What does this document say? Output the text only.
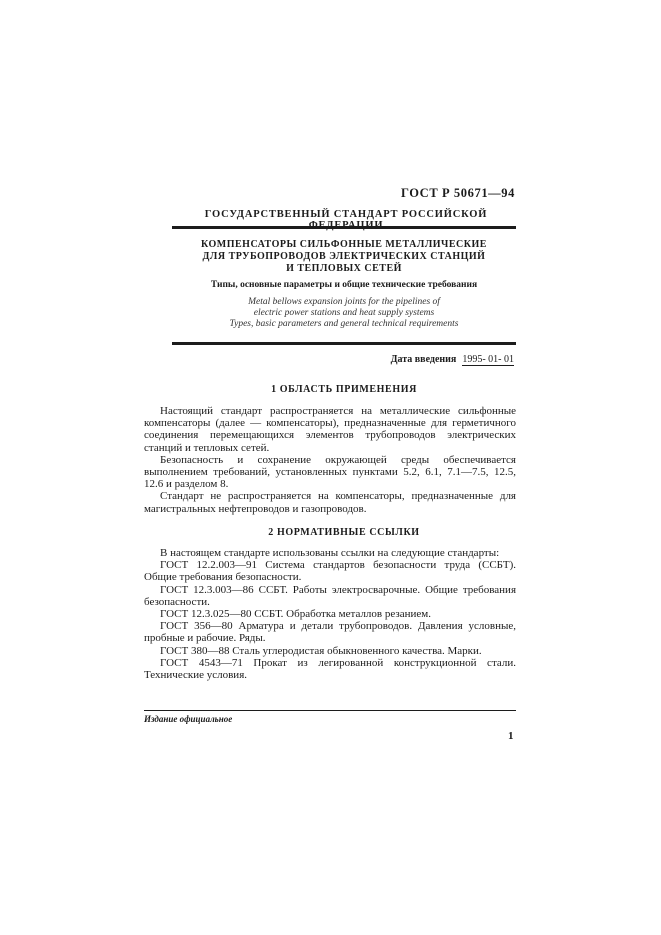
ГОСТ Р 50671—94
ГОСУДАРСТВЕННЫЙ СТАНДАРТ РОССИЙСКОЙ
КОМПЕНСАТОРЫ СИЛЬФОННЫЕ МЕТАЛЛИЧЕСКИЕ
ДЛЯ ТРУБОПРОВОДОВ ЭЛЕКТРИЧЕСКИХ СТАНЦИЙ
И ТЕПЛОВЫХ СЕТЕЙ
Типы, основные параметры и общие технические требования
Metal bellows expansion joints for the pipelines of
electric power stations and heat supply systems
Types, basic parameters and general technical requirements
Дата введения 1995- 01- 01
1 ОБЛАСТЬ ПРИМЕНЕНИЯ

Настоящий стандарт распространяется на металлические сильфонные компенсаторы (далее — компенсаторы), предназначенные для герметичного соединения перемещающихся элементов трубопроводов электрических станций и тепловых сетей.

Безопасность и сохранение окружающей среды обеспечивается выполнением требований, установленных пунктами 5.2, 6.1, 7.1—7.5, 12.5, 12.6 и разделом 8.

Стандарт не распространяется на компенсаторы, предназначенные для магистральных нефтепроводов и газопроводов.

2 НОРМАТИВНЫЕ ССЫЛКИ

В настоящем стандарте использованы ссылки на следующие стандарты:

ГОСТ 12.2.003—91 Система стандартов безопасности труда (ССБТ). Общие требования безопасности.

ГОСТ 12.3.003—86 ССБТ. Работы электросварочные. Общие требования безопасности.

ГОСТ 12.3.025—80 ССБТ. Обработка металлов резанием.

ГОСТ 356—80 Арматура и детали трубопроводов. Давления условные, пробные и рабочие. Ряды.

ГОСТ 380—88 Сталь углеродистая обыкновенного качества. Марки.

ГОСТ 4543—71 Прокат из легированной конструкционной стали. Технические условия.

Издание официальное
1
